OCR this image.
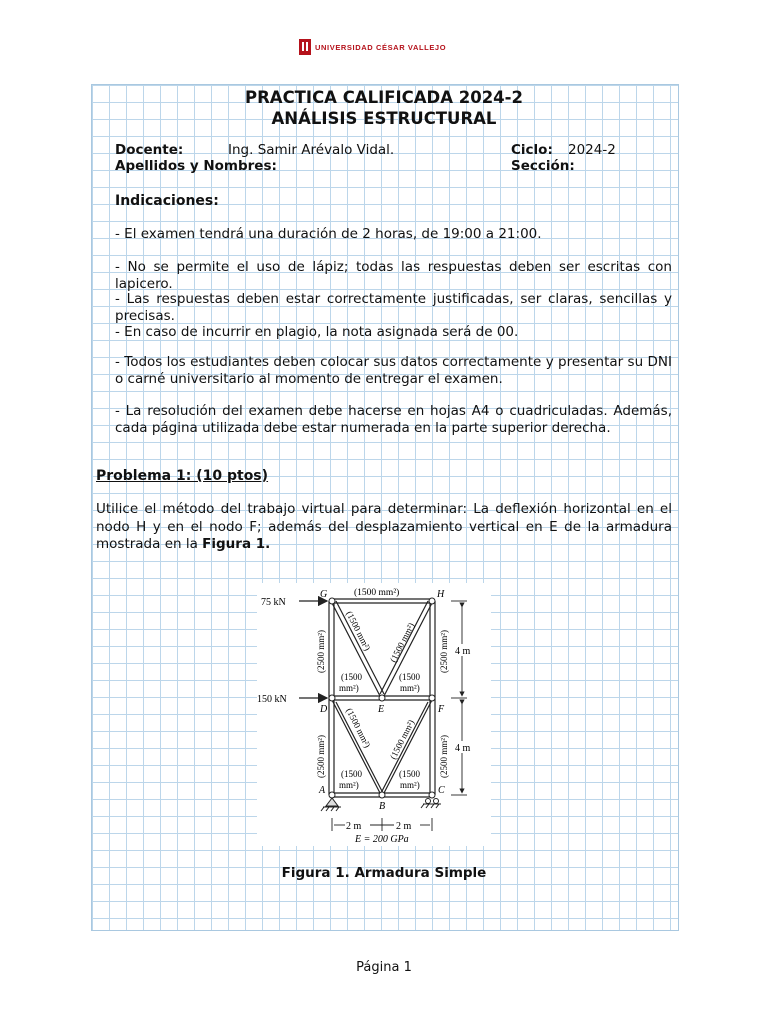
UNIVERSIDAD CÉSAR VALLEJO
PRACTICA CALIFICADA 2024-2
ANÁLISIS ESTRUCTURAL
Docente:	Ing. Samir Arévalo Vidal.	Ciclo: 2024-2
Apellidos y Nombres:	Sección:
Indicaciones:
- El examen tendrá una duración de 2 horas, de 19:00 a 21:00.
- No se permite el uso de lápiz; todas las respuestas deben ser escritas con lapicero.
- Las respuestas deben estar correctamente justificadas, ser claras, sencillas y precisas.
- En caso de incurrir en plagio, la nota asignada será de 00.
- Todos los estudiantes deben colocar sus datos correctamente y presentar su DNI o carné universitario al momento de entregar el examen.
- La resolución del examen debe hacerse en hojas A4 o cuadriculadas. Además, cada página utilizada debe estar numerada en la parte superior derecha.
Problema 1: (10 ptos)
Utilice el método del trabajo virtual para determinar: La deflexión horizontal en el nodo H y en el nodo F; además del desplazamiento vertical en E de la armadura mostrada en la Figura 1.
75 kN
150 kN
G	H
D	E	F
A
B
C
(1500 mm²)
(1500 mm²) (1500 mm²)
(1500 mm²) (1500 mm²)
(1500
mm²)
(1500
mm²)
(1500
mm²)
(1500
mm²)
(2500 mm²)
(2500 mm²)
(2500 mm²)
(2500 mm²)
4 m
4 m
2 m	2 m
E = 200 GPa
Figura 1. Armadura Simple
Página 1
